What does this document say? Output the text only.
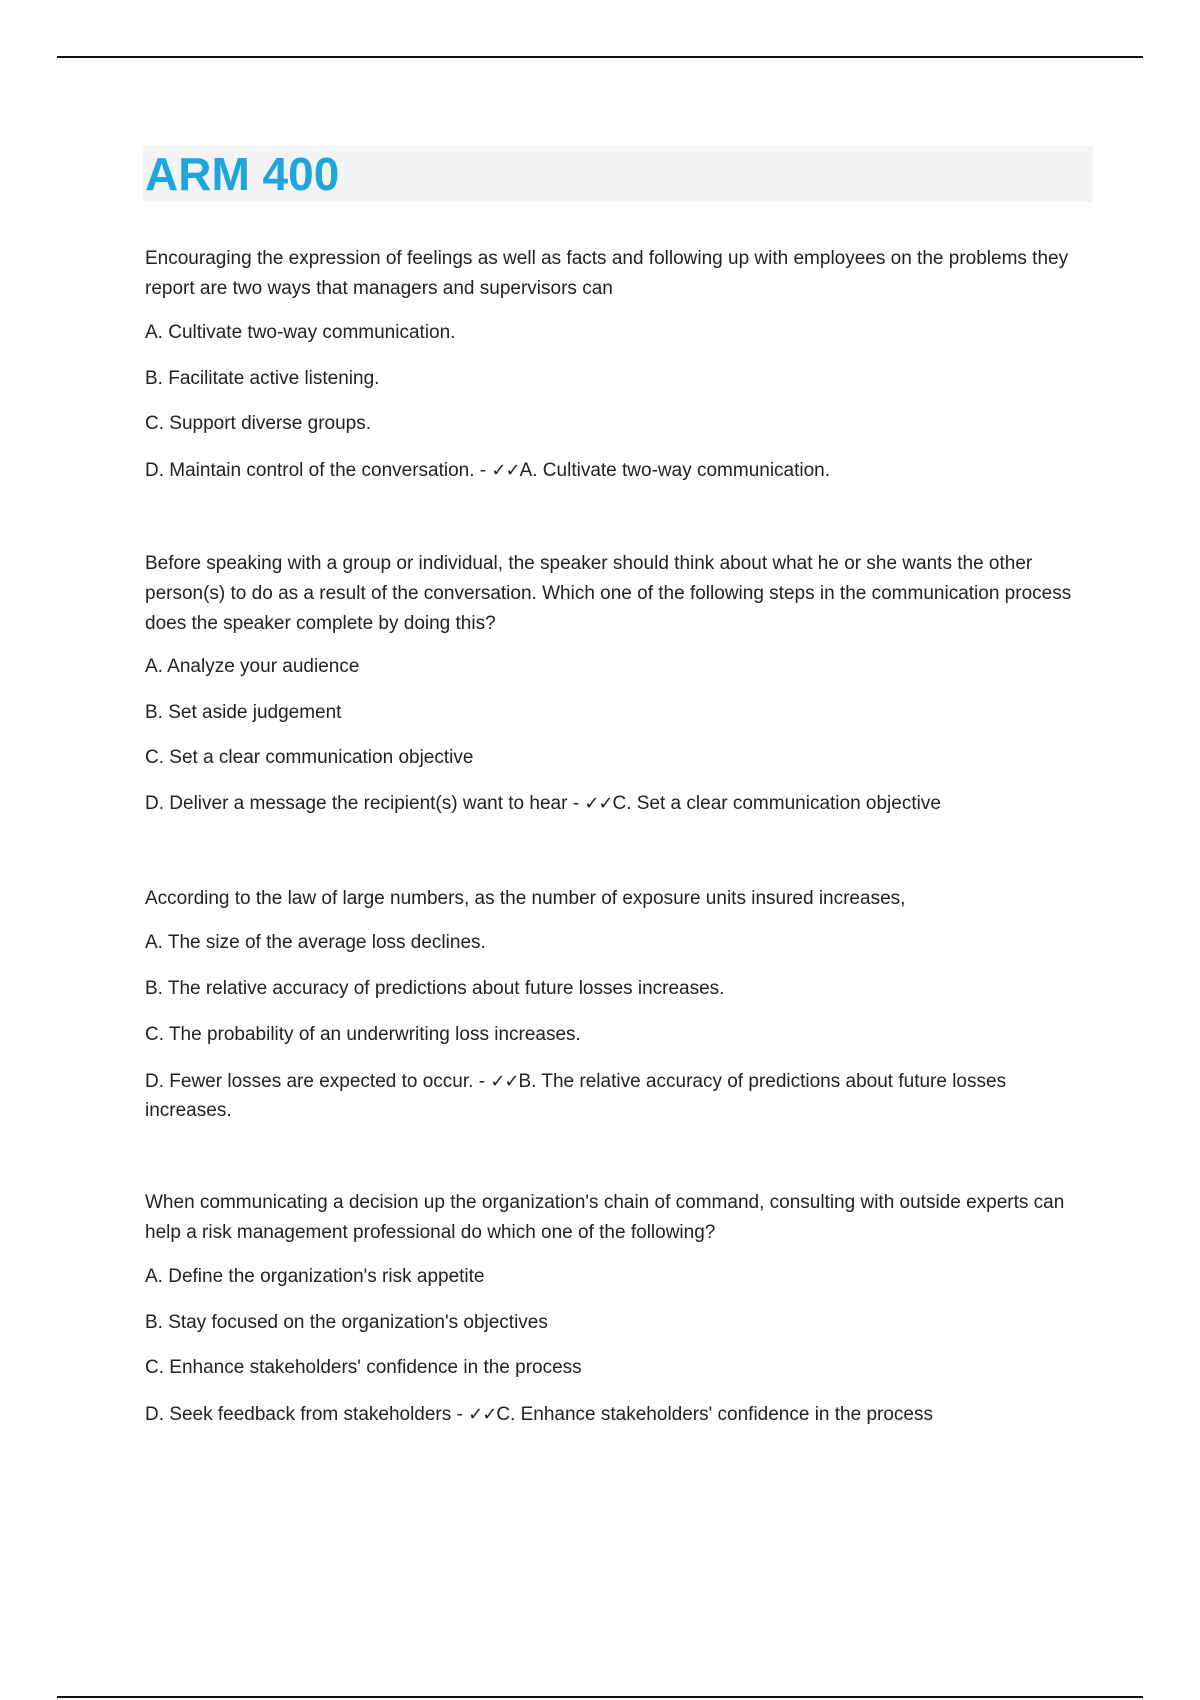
ARM 400

Encouraging the expression of feelings as well as facts and following up with employees on the problems they report are two ways that managers and supervisors can

A. Cultivate two-way communication.

B. Facilitate active listening.

C. Support diverse groups.

D. Maintain control of the conversation. - ✓✓A. Cultivate two-way communication.

Before speaking with a group or individual, the speaker should think about what he or she wants the other person(s) to do as a result of the conversation. Which one of the following steps in the communication process does the speaker complete by doing this?

A. Analyze your audience

B. Set aside judgement

C. Set a clear communication objective

D. Deliver a message the recipient(s) want to hear - ✓✓C. Set a clear communication objective

According to the law of large numbers, as the number of exposure units insured increases,

A. The size of the average loss declines.

B. The relative accuracy of predictions about future losses increases.

C. The probability of an underwriting loss increases.

D. Fewer losses are expected to occur. - ✓✓B. The relative accuracy of predictions about future losses increases.

When communicating a decision up the organization's chain of command, consulting with outside experts can help a risk management professional do which one of the following?

A. Define the organization's risk appetite

B. Stay focused on the organization's objectives

C. Enhance stakeholders' confidence in the process

D. Seek feedback from stakeholders - ✓✓C. Enhance stakeholders' confidence in the process
